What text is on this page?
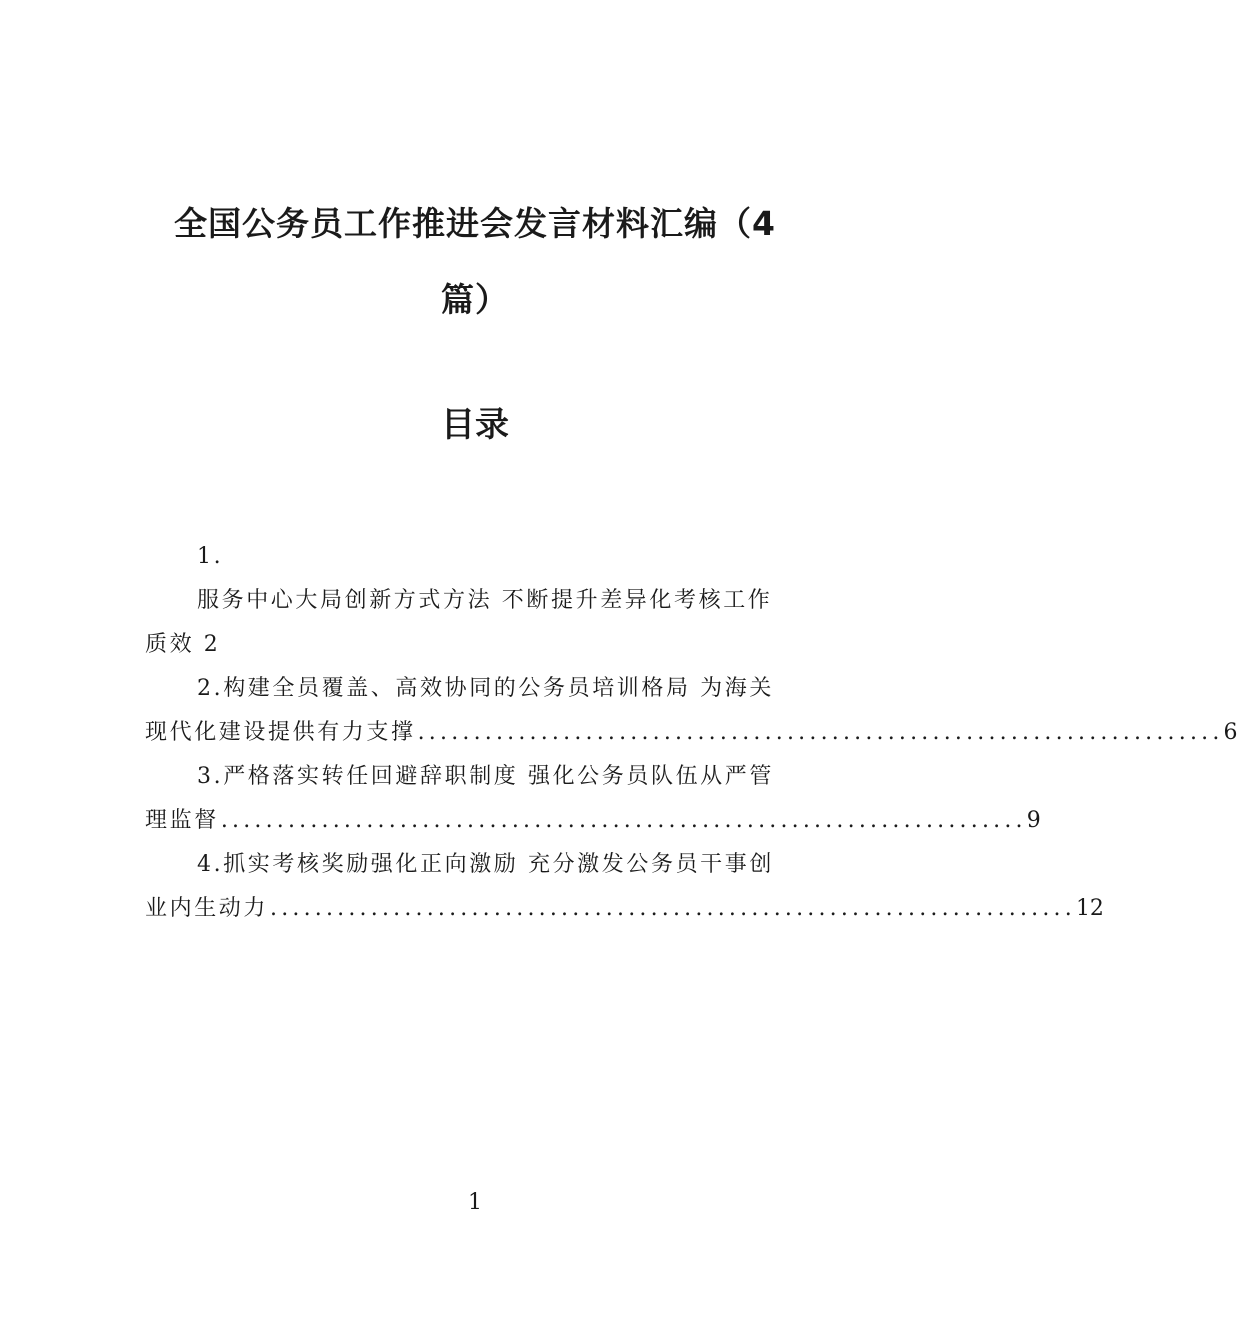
全国公务员工作推进会发言材料汇编（4
篇）
目录
1.
服务中心大局创新方式方法 不断提升差异化考核工作
质效 2
2.构建全员覆盖、高效协同的公务员培训格局 为海关
现代化建设提供有力支撑 ........................................................................ 6
3.严格落实转任回避辞职制度 强化公务员队伍从严管
理监督 ........................................................................ 9
4.抓实考核奖励强化正向激励 充分激发公务员干事创
业内生动力 ........................................................................ 12
1
